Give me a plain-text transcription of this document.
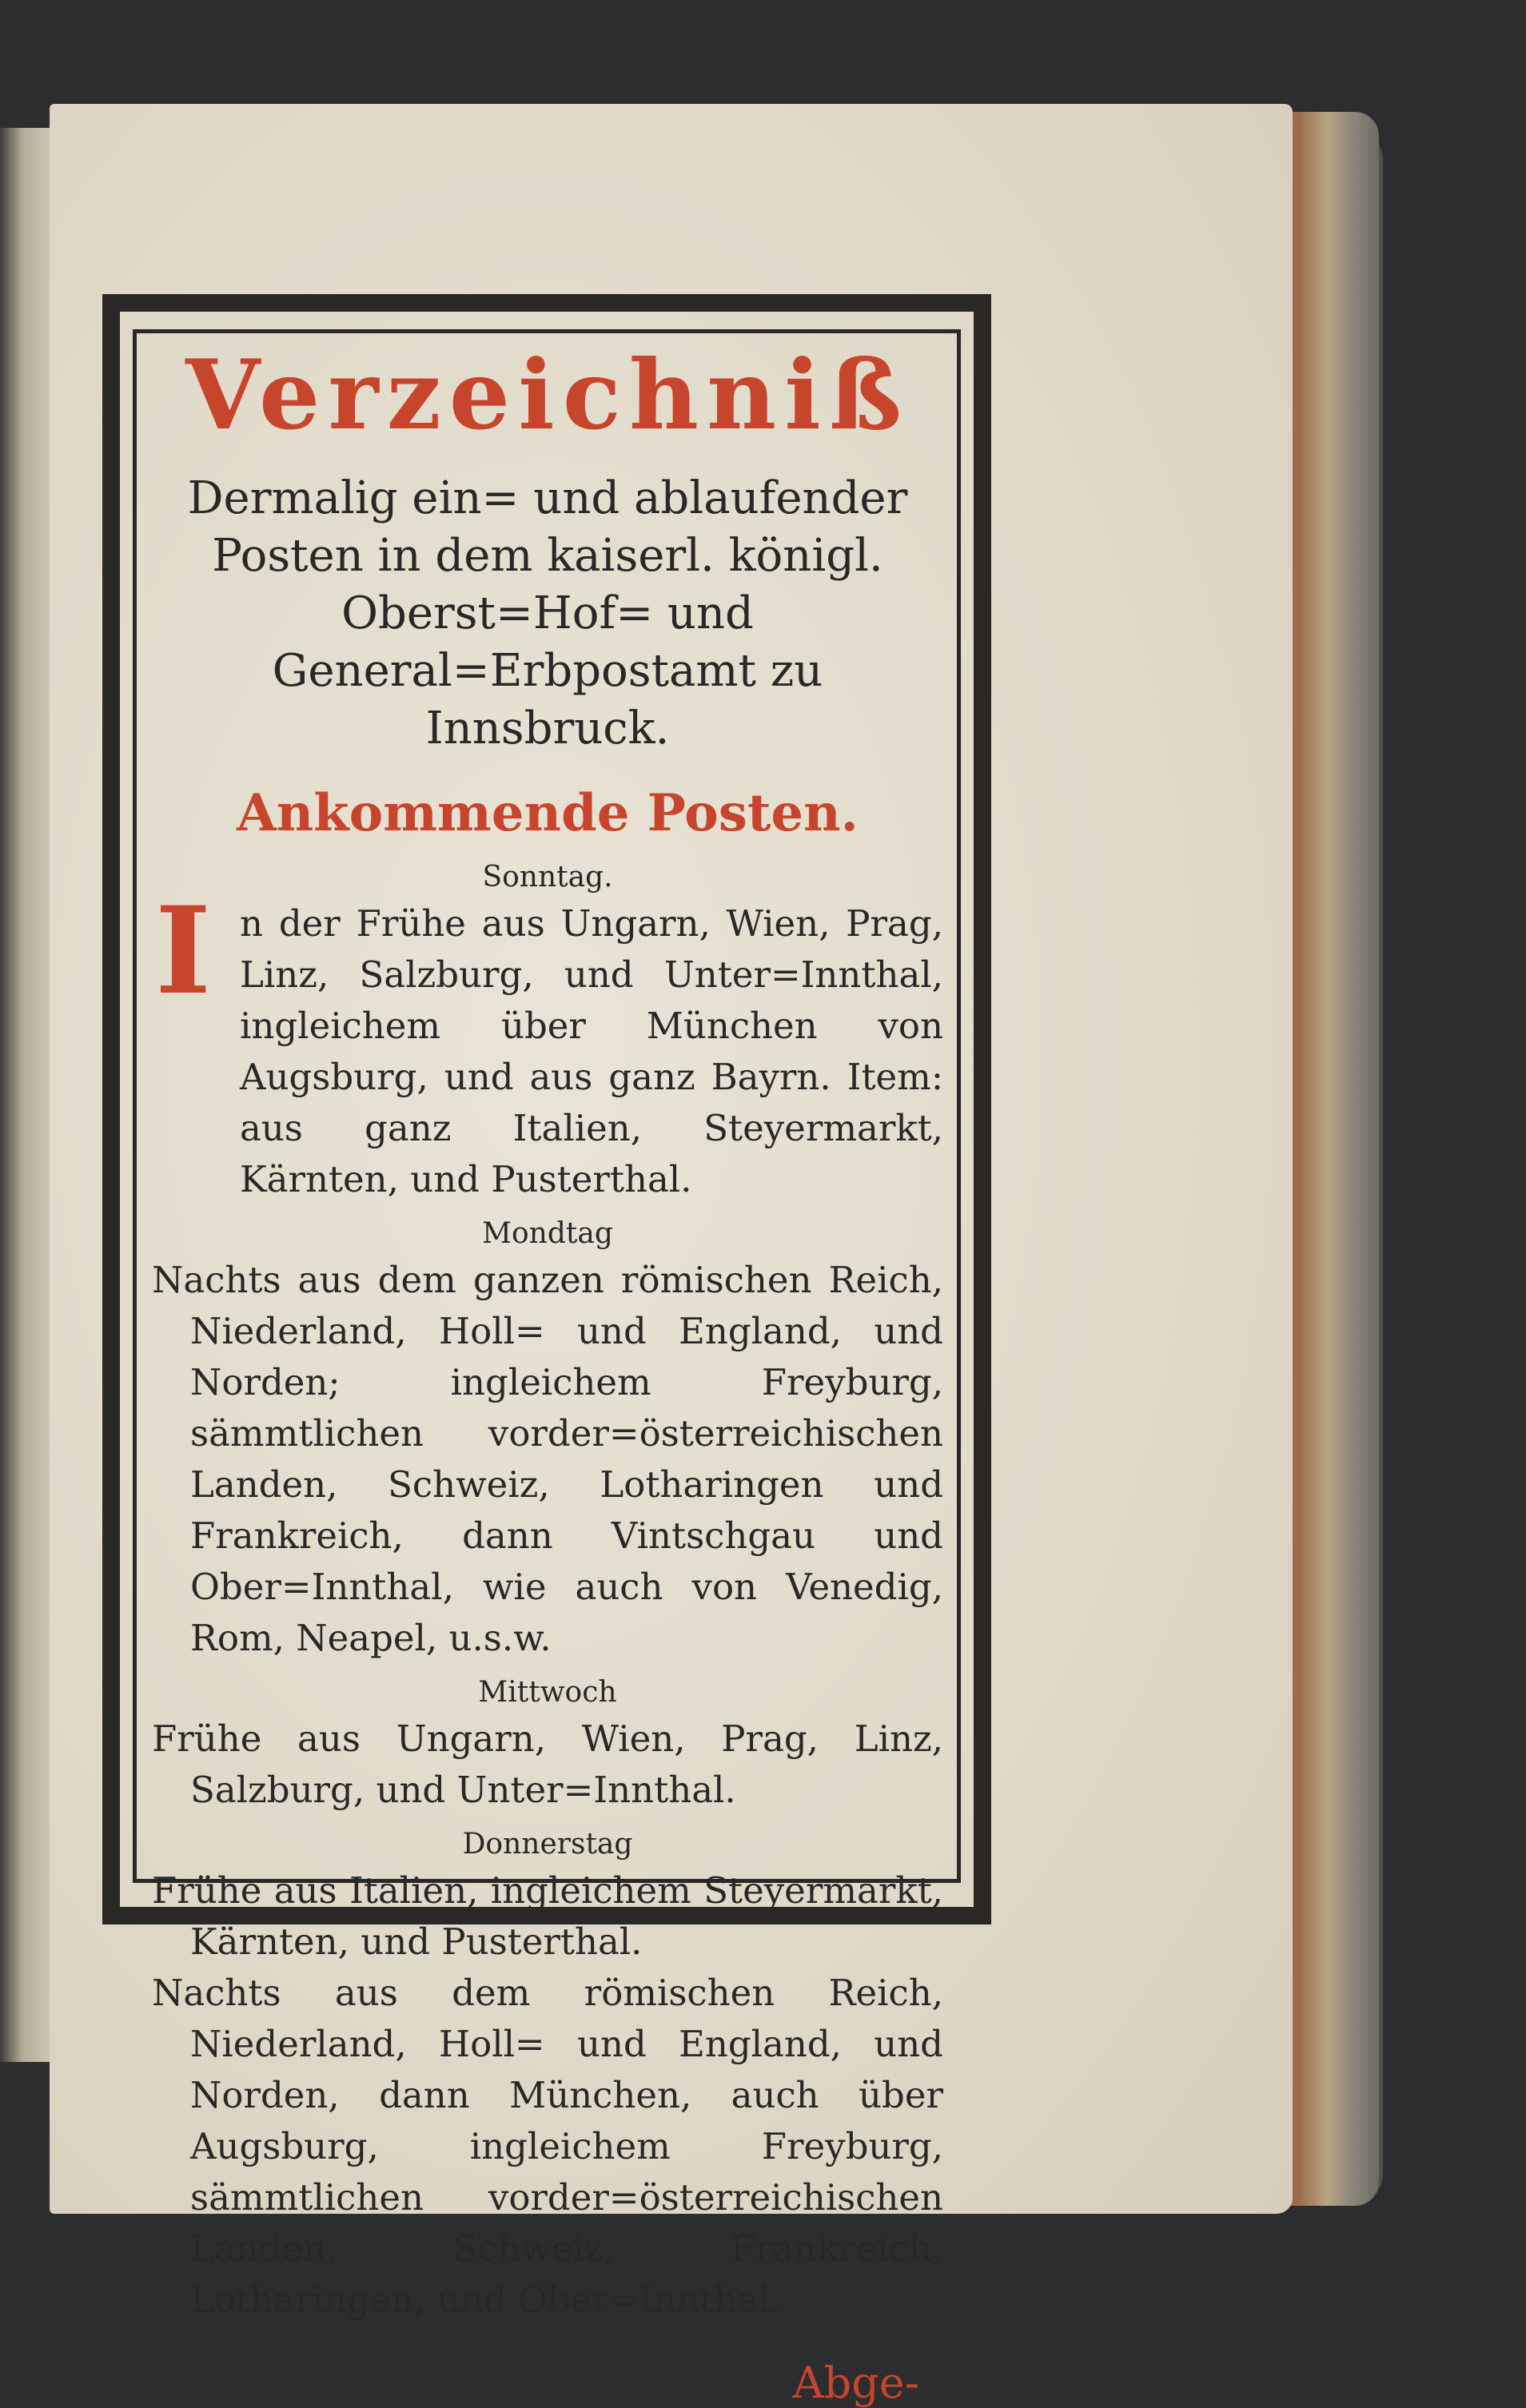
Verzeichniß

Dermalig ein= und ablaufender Posten in dem kaiserl. königl. Oberst=Hof= und General=Erbpostamt zu Innsbruck.

Ankommende Posten.
Sonntag.

I n der Frühe aus Ungarn, Wien, Prag, Linz, Salzburg, und Unter=Innthal, ingleichem über München von Augsburg, und aus ganz Bayrn. Item: aus ganz Italien, Steyermarkt, Kärnten, und Pusterthal.

Mondtag

Nachts aus dem ganzen römischen Reich, Niederland, Holl= und England, und Norden; ingleichem Freyburg, sämmtlichen vorder=österreichischen Landen, Schweiz, Lotharingen und Frankreich, dann Vintschgau und Ober=Innthal, wie auch von Venedig, Rom, Neapel, u.s.w.

Mittwoch

Frühe aus Ungarn, Wien, Prag, Linz, Salzburg, und Unter=Innthal.

Donnerstag

Frühe aus Italien, ingleichem Steyermarkt, Kärnten, und Pusterthal.

Nachts aus dem römischen Reich, Niederland, Holl= und England, und Norden, dann München, auch über Augsburg, ingleichem Freyburg, sämmtlichen vorder=österreichischen Landen, Schweiz, Frankreich, Lotharingen, und Ober=Innthal.

Abge-
